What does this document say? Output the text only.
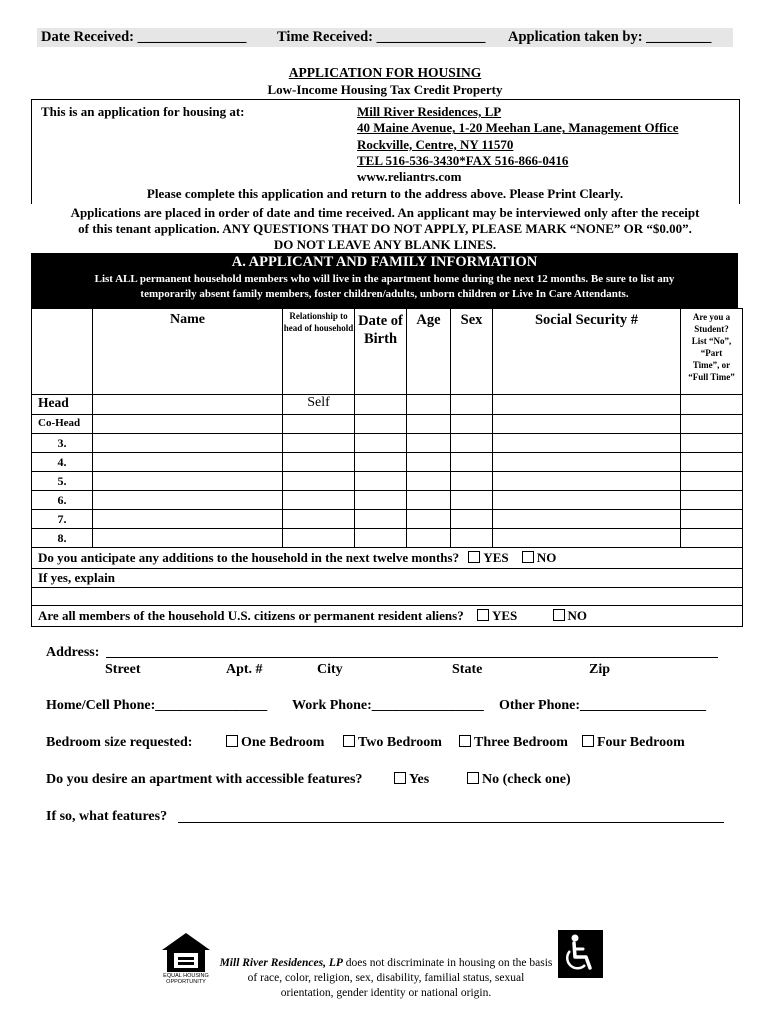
Date Received: _______________ Time Received: _______________ Application taken by: _________
APPLICATION FOR HOUSING
Low-Income Housing Tax Credit Property
This is an application for housing at:	Mill River Residences, LP
40 Maine Avenue, 1-20 Meehan Lane, Management Office
Rockville, Centre, NY 11570
TEL 516-536-3430*FAX 516-866-0416
www.reliantrs.com
Please complete this application and return to the address above. Please Print Clearly.
Applications are placed in order of date and time received. An applicant may be interviewed only after the receipt
of this tenant application. ANY QUESTIONS THAT DO NOT APPLY, PLEASE MARK “NONE” OR “$0.00”.
DO NOT LEAVE ANY BLANK LINES.
A. APPLICANT AND FAMILY INFORMATION
List ALL permanent household members who will live in the apartment home during the next 12 months. Be sure to list any
temporarily absent family members, foster children/adults, unborn children or Live In Care Attendants.
	Name	Relationship to head of household	Date of Birth	Age	Sex	Social Security #	Are you a Student? List “No”, “Part Time”, or “Full Time”
Head		Self					
Co-Head							
3.							
4.							
5.							
6.							
7.							
8.							
Do you anticipate any additions to the household in the next twelve months? YES NO							
If yes, explain							

Are all members of the household U.S. citizens or permanent resident aliens? YES NO							
Address:
Street	Apt. #	City	State	Zip
Home/Cell Phone:________________ Work Phone:________________ Other Phone:__________________
Bedroom size requested:	One Bedroom	Two Bedroom	Three Bedroom	Four Bedroom
Do you desire an apartment with accessible features?	Yes	No (check one)
If so, what features?
EQUAL HOUSING OPPORTUNITY
Mill River Residences, LP does not discriminate in housing on the basis
of race, color, religion, sex, disability, familial status, sexual
orientation, gender identity or national origin.
